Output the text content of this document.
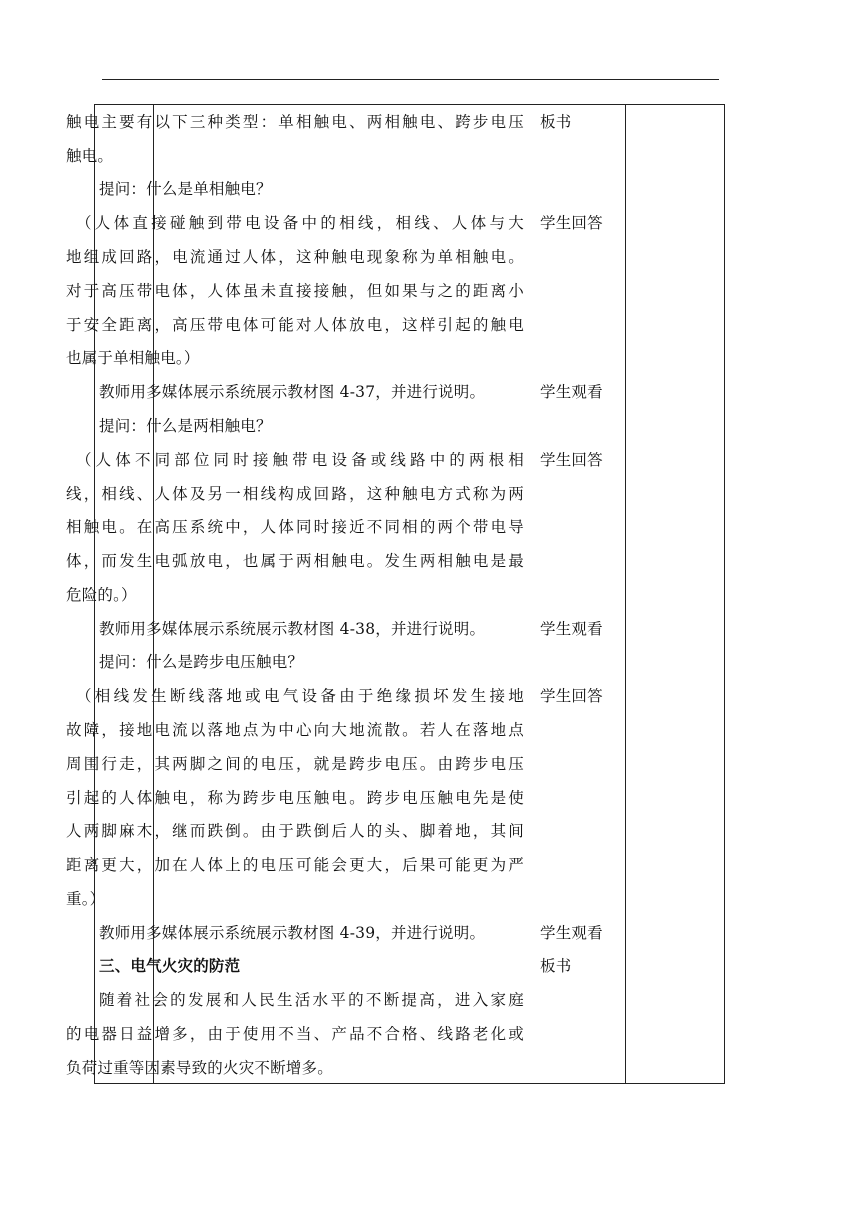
触电主要有以下三种类型：单相触电、两相触电、跨步电压
触电。
提问：什么是单相触电？
（人体直接碰触到带电设备中的相线，相线、人体与大
地组成回路，电流通过人体，这种触电现象称为单相触电。
对于高压带电体，人体虽未直接接触，但如果与之的距离小
于安全距离，高压带电体可能对人体放电，这样引起的触电
也属于单相触电。）
教师用多媒体展示系统展示教材图 4-37，并进行说明。
提问：什么是两相触电？
（人体不同部位同时接触带电设备或线路中的两根相
线，相线、人体及另一相线构成回路，这种触电方式称为两
相触电。在高压系统中，人体同时接近不同相的两个带电导
体，而发生电弧放电，也属于两相触电。发生两相触电是最
危险的。）
教师用多媒体展示系统展示教材图 4-38，并进行说明。
提问：什么是跨步电压触电？
（相线发生断线落地或电气设备由于绝缘损坏发生接地
故障，接地电流以落地点为中心向大地流散。若人在落地点
周围行走，其两脚之间的电压，就是跨步电压。由跨步电压
引起的人体触电，称为跨步电压触电。跨步电压触电先是使
人两脚麻木，继而跌倒。由于跌倒后人的头、脚着地，其间
距离更大，加在人体上的电压可能会更大，后果可能更为严
重。）
教师用多媒体展示系统展示教材图 4-39，并进行说明。
三、电气火灾的防范
随着社会的发展和人民生活水平的不断提高，进入家庭
的电器日益增多，由于使用不当、产品不合格、线路老化或
负荷过重等因素导致的火灾不断增多。
板书
学生回答
学生观看
学生回答
学生观看
学生回答
学生观看
板书
